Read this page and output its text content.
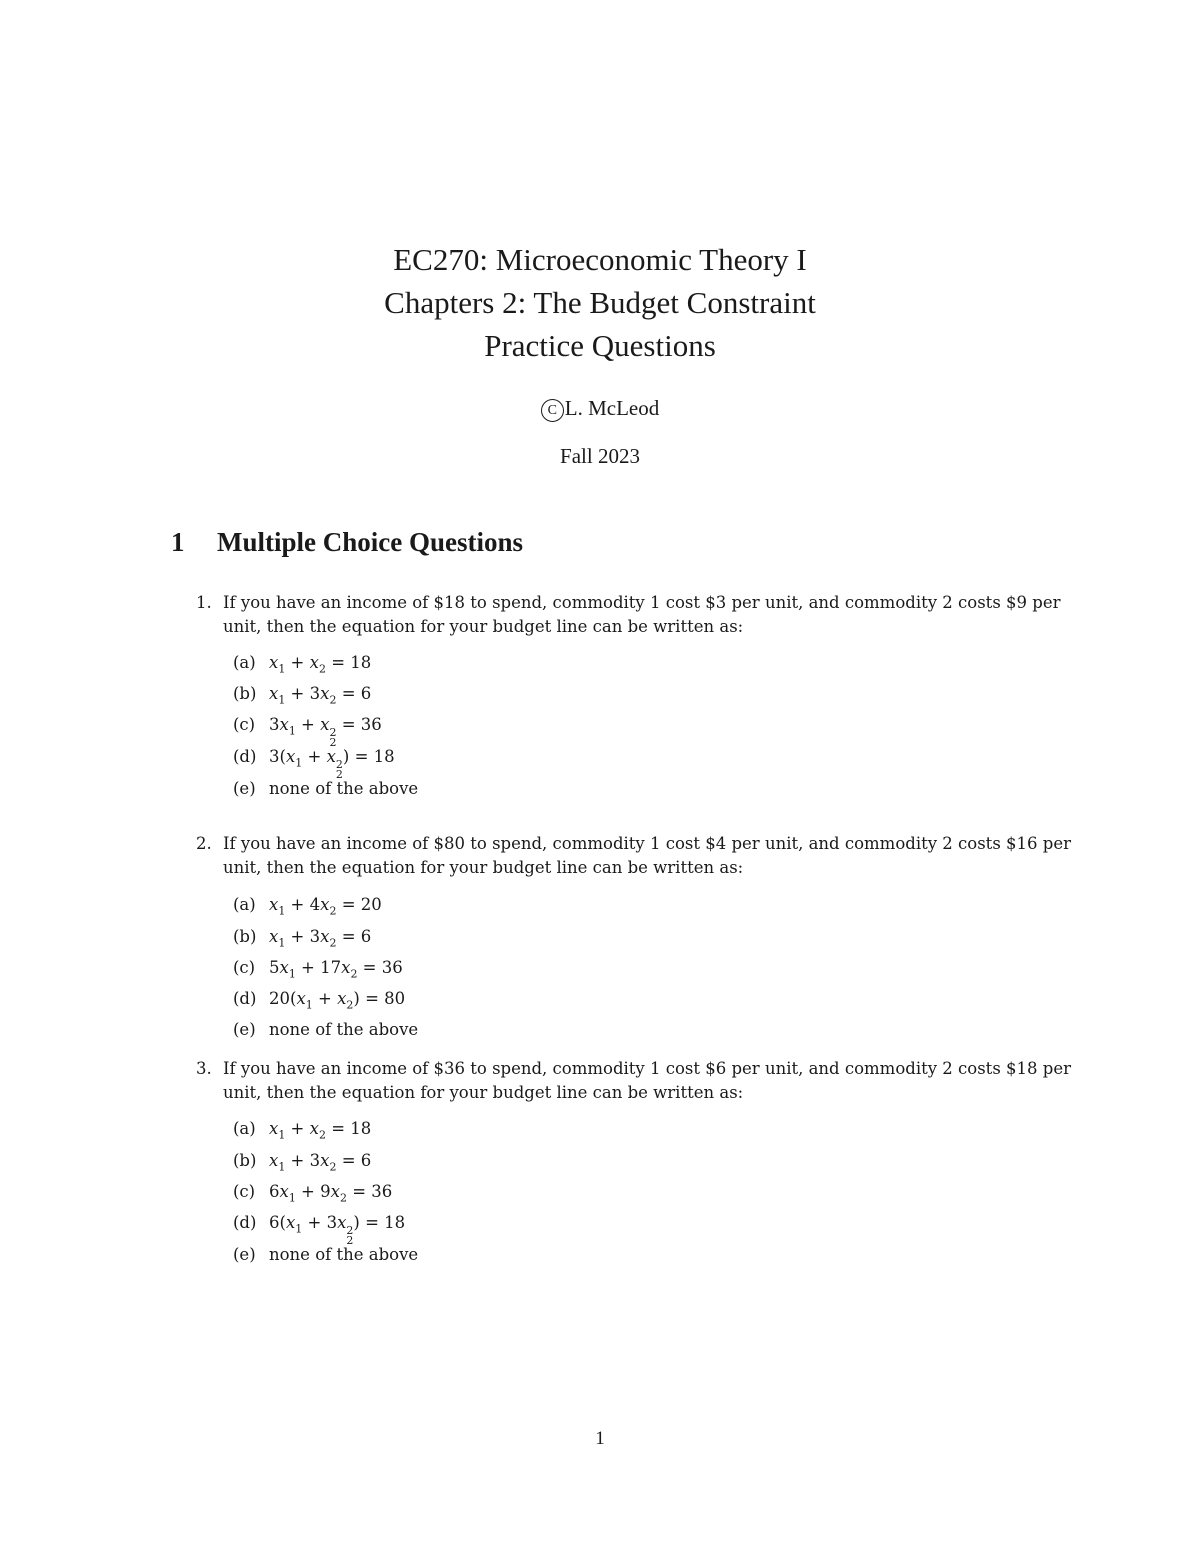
EC270: Microeconomic Theory I
Chapters 2: The Budget Constraint
Practice Questions
C L. McLeod
Fall 2023
1 Multiple Choice Questions
1. If you have an income of $18 to spend, commodity 1 cost $3 per unit, and commodity 2 costs $9 per unit, then the equation for your budget line can be written as:
(a) $x_1 + x_2 = 18$
(b) $x_1 + 3x_2 = 6$
(c) $3x_1 + x$ 2
2
= 36
(d) $3(x_1 + x$ 2
2
) = 18
(e) none of the above
2. If you have an income of $80 to spend, commodity 1 cost $4 per unit, and commodity 2 costs $16 per unit, then the equation for your budget line can be written as:
(a) $x_1 + 4x_2 = 20$
(b) $x_1 + 3x_2 = 6$
(c) $5x_1 + 17x_2 = 36$
(d) $20(x_1 + x_2) = 80$
(e) none of the above
3. If you have an income of $36 to spend, commodity 1 cost $6 per unit, and commodity 2 costs $18 per unit, then the equation for your budget line can be written as:
(a) $x_1 + x_2 = 18$
(b) $x_1 + 3x_2 = 6$
(c) $6x_1 + 9x_2 = 36$
(d) $6(x_1 + 3x$ 2
2
) = 18
(e) none of the above
1
